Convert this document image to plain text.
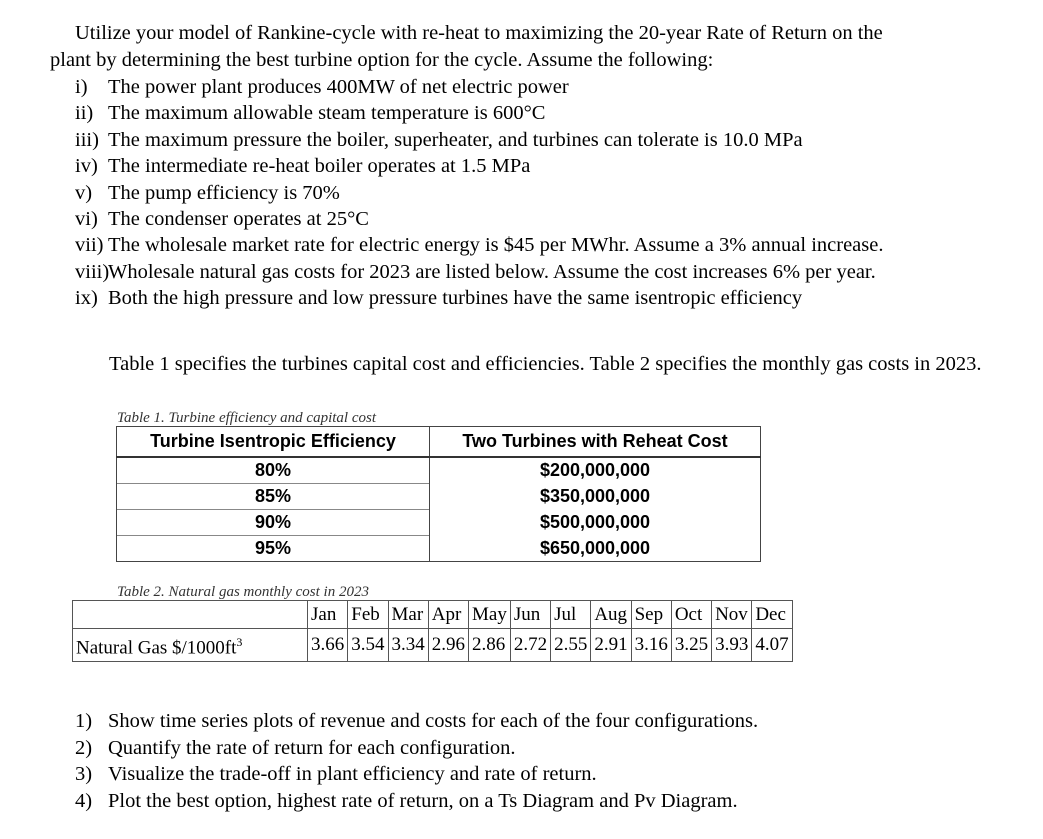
Utilize your model of Rankine-cycle with re-heat to maximizing the 20-year Rate of Return on the

plant by determining the best turbine option for the cycle. Assume the following:

i) The power plant produces 400MW of net electric power
ii) The maximum allowable steam temperature is 600°C
iii) The maximum pressure the boiler, superheater, and turbines can tolerate is 10.0 MPa
iv) The intermediate re-heat boiler operates at 1.5 MPa
v) The pump efficiency is 70%
vi) The condenser operates at 25°C
vii) The wholesale market rate for electric energy is $45 per MWhr. Assume a 3% annual increase.
viii)Wholesale natural gas costs for 2023 are listed below. Assume the cost increases 6% per year.
ix) Both the high pressure and low pressure turbines have the same isentropic efficiency

Table 1 specifies the turbines capital cost and efficiencies. Table 2 specifies the monthly gas costs in 2023.

Table 1. Turbine efficiency and capital cost
Turbine Isentropic Efficiency	Two Turbines with Reheat Cost
80%	$200,000,000
85%	$350,000,000
90%	$500,000,000
95%	$650,000,000
Table 2. Natural gas monthly cost in 2023
	Jan	Feb	Mar	Apr	May	Jun	Jul	Aug	Sep	Oct	Nov	Dec
Natural Gas $\$/1000ft^3$	3.66	3.54	3.34	2.96	2.86	2.72	2.55	2.91	3.16	3.25	3.93	4.07
1) Show time series plots of revenue and costs for each of the four configurations.
2) Quantify the rate of return for each configuration.
3) Visualize the trade-off in plant efficiency and rate of return.
4) Plot the best option, highest rate of return, on a Ts Diagram and Pv Diagram.
